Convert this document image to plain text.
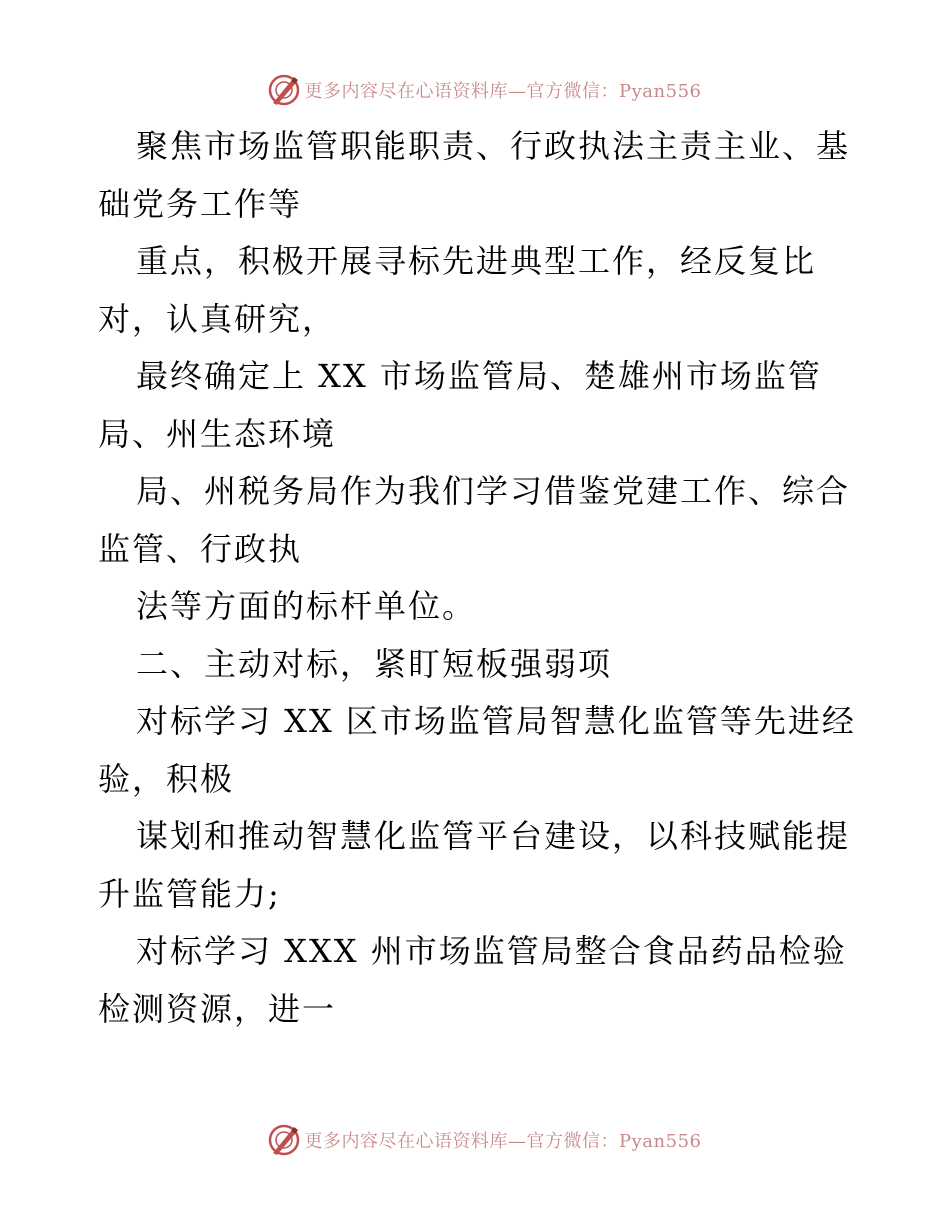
更多内容尽在心语资料库—官方微信：Pyan556
聚焦市场监管职能职责、行政执法主责主业、基
础党务工作等
重点，积极开展寻标先进典型工作，经反复比
对，认真研究，
最终确定上 XX 市场监管局、楚雄州市场监管
局、州生态环境
局、州税务局作为我们学习借鉴党建工作、综合
监管、行政执
法等方面的标杆单位。
二、主动对标，紧盯短板强弱项
对标学习 XX 区市场监管局智慧化监管等先进经
验，积极
谋划和推动智慧化监管平台建设，以科技赋能提
升监管能力;
对标学习 XXX 州市场监管局整合食品药品检验
检测资源，进一
更多内容尽在心语资料库—官方微信：Pyan556
